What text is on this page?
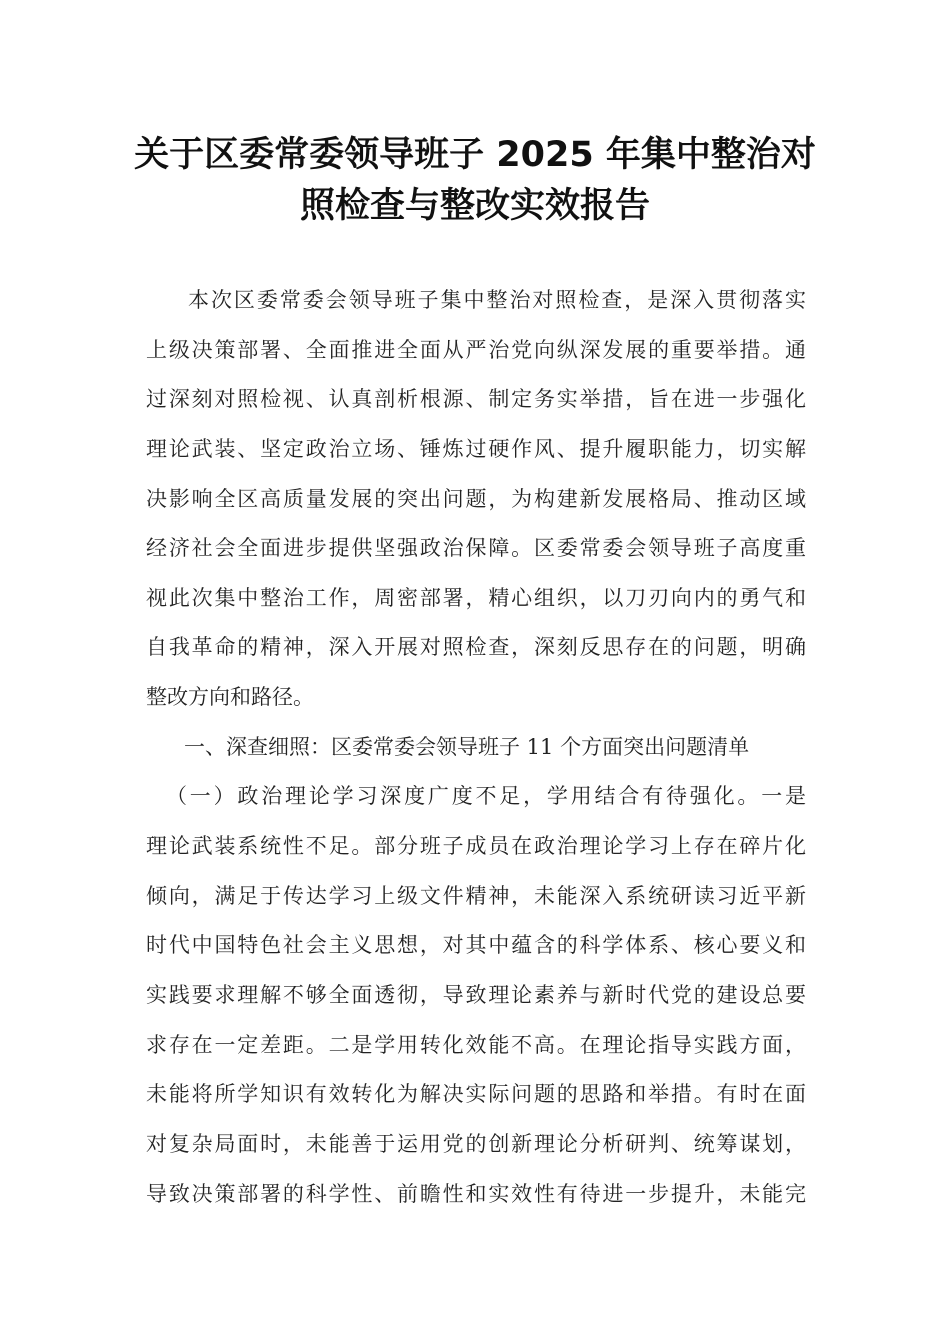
关于区委常委领导班子 2025 年集中整治对
照检查与整改实效报告
本次区委常委会领导班子集中整治对照检查，是深入贯彻落实
上级决策部署、全面推进全面从严治党向纵深发展的重要举措。通
过深刻对照检视、认真剖析根源、制定务实举措，旨在进一步强化
理论武装、坚定政治立场、锤炼过硬作风、提升履职能力，切实解
决影响全区高质量发展的突出问题，为构建新发展格局、推动区域
经济社会全面进步提供坚强政治保障。区委常委会领导班子高度重
视此次集中整治工作，周密部署，精心组织，以刀刃向内的勇气和
自我革命的精神，深入开展对照检查，深刻反思存在的问题，明确
整改方向和路径。
一、深查细照：区委常委会领导班子 11 个方面突出问题清单
（一）政治理论学习深度广度不足，学用结合有待强化。一是
理论武装系统性不足。部分班子成员在政治理论学习上存在碎片化
倾向，满足于传达学习上级文件精神，未能深入系统研读习近平新
时代中国特色社会主义思想，对其中蕴含的科学体系、核心要义和
实践要求理解不够全面透彻，导致理论素养与新时代党的建设总要
求存在一定差距。二是学用转化效能不高。在理论指导实践方面，
未能将所学知识有效转化为解决实际问题的思路和举措。有时在面
对复杂局面时，未能善于运用党的创新理论分析研判、统筹谋划，
导致决策部署的科学性、前瞻性和实效性有待进一步提升，未能完
